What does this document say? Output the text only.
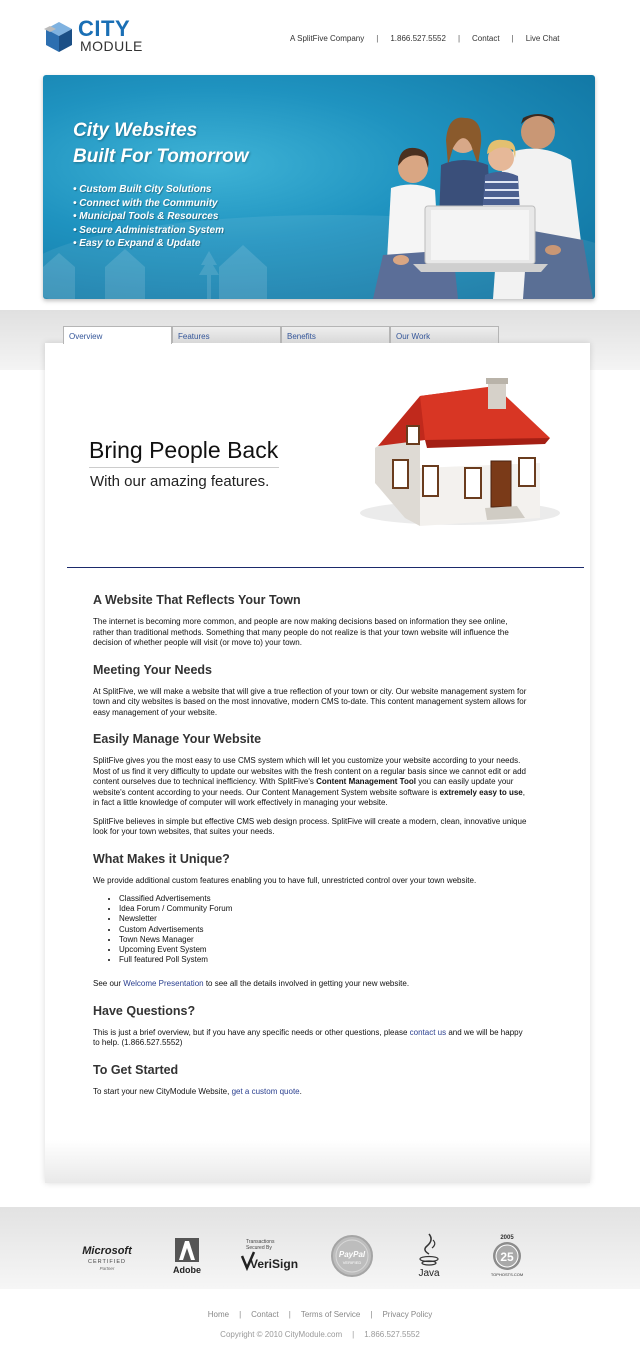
CITY
MODULE	A SplitFive Company	|	1.866.527.5552	|	Contact	|	Live Chat
City Websites
Built For Tomorrow
• Custom Built City Solutions
• Connect with the Community
• Municipal Tools & Resources
• Secure Administration System
• Easy to Expand & Update
Overview	Features	Benefits	Our Work
Bring People Back
With our amazing features.
A Website That Reflects Your Town

The internet is becoming more common, and people are now making decisions based on information they see online, rather than traditional methods. Something that many people do not realize is that your town website will influence the decision of whether people will visit (or move to) your town.

Meeting Your Needs

At SplitFive, we will make a website that will give a true reflection of your town or city. Our website management system for town and city websites is based on the most innovative, modern CMS to-date. This content management system allows for easy management of your website.

Easily Manage Your Website

SplitFive gives you the most easy to use CMS system which will let you customize your website according to your needs. Most of us find it very difficulty to update our websites with the fresh content on a regular basis since we cannot edit or add content ourselves due to technical inefficiency. With SplitFive's Content Management Tool you can easily update your website's content according to your needs. Our Content Management System website software is extremely easy to use, in fact a little knowledge of computer will work effectively in managing your website.

SplitFive believes in simple but effective CMS web design process. SplitFive will create a modern, clean, innovative unique look for your town websites, that suites your needs.

What Makes it Unique?

We provide additional custom features enabling you to have full, unrestricted control over your town website.

• Classified Advertisements
• Idea Forum / Community Forum
• Newsletter
• Custom Advertisements
• Town News Manager
• Upcoming Event System
• Full featured Poll System

See our Welcome Presentation to see all the details involved in getting your new website.

Have Questions?

This is just a brief overview, but if you have any specific needs or other questions, please contact us and we will be happy to help. (1.866.527.5552)

To Get Started

To start your new CityModule Website, get a custom quote.

Microsoft
CERTIFIED
Partner	Adobe
Transactions
Secured By
VeriSign
PayPal
VERIFIED
Java
2005
25
TOPHOSTS.COM
Home | Contact | Terms of Service | Privacy Policy
Copyright © 2010 CityModule.com | 1.866.527.5552
